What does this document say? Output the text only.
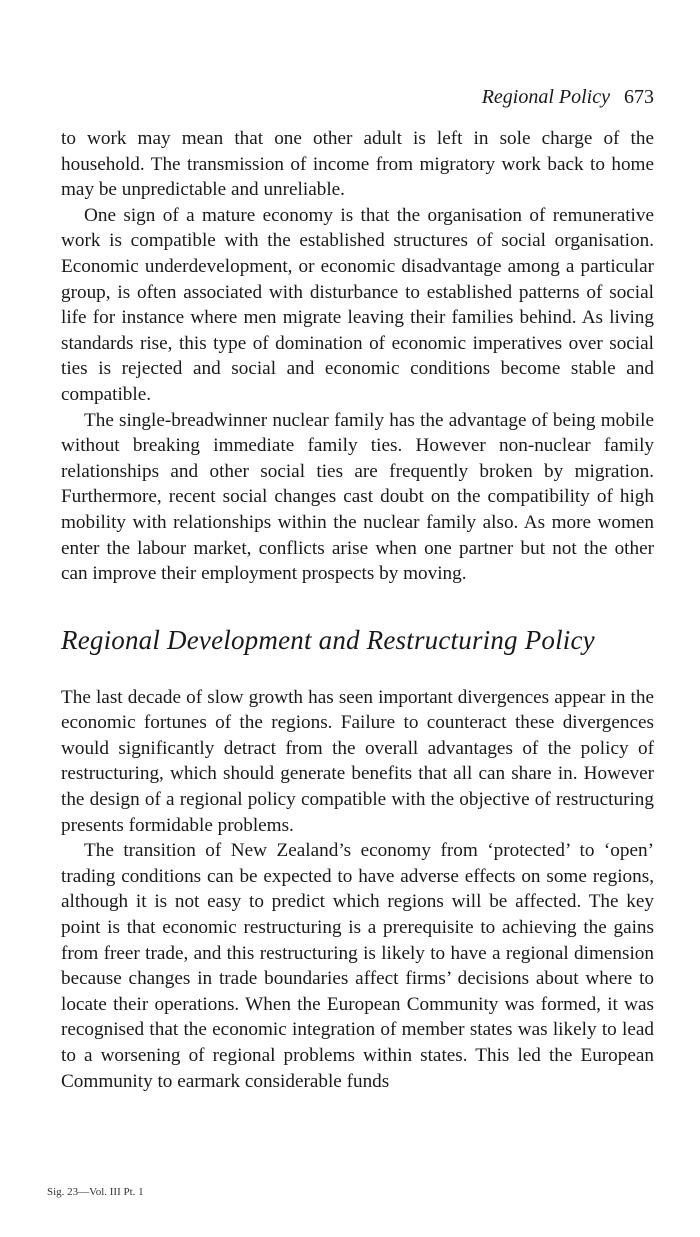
Regional Policy 673

to work may mean that one other adult is left in sole charge of the household. The transmission of income from migratory work back to home may be unpredictable and unreliable.

One sign of a mature economy is that the organisation of remunerative work is compatible with the established structures of social organisation. Economic underdevelopment, or economic disadvantage among a particular group, is often associated with disturbance to established patterns of social life for instance where men migrate leaving their families behind. As living standards rise, this type of domination of economic imperatives over social ties is rejected and social and economic conditions become stable and compatible.

The single-breadwinner nuclear family has the advantage of being mobile without breaking immediate family ties. However non-nuclear family relationships and other social ties are frequently broken by migration. Furthermore, recent social changes cast doubt on the compatibility of high mobility with relationships within the nuclear family also. As more women enter the labour market, conflicts arise when one partner but not the other can improve their employment prospects by moving.

Regional Development and Restructuring Policy

The last decade of slow growth has seen important divergences appear in the economic fortunes of the regions. Failure to counteract these divergences would significantly detract from the overall advantages of the policy of restructuring, which should generate benefits that all can share in. However the design of a regional policy compatible with the objective of restructuring presents formidable problems.

The transition of New Zealand’s economy from ‘protected’ to ‘open’ trading conditions can be expected to have adverse effects on some regions, although it is not easy to predict which regions will be affected. The key point is that economic restructuring is a prerequisite to achieving the gains from freer trade, and this restructuring is likely to have a regional dimension because changes in trade boundaries affect firms’ decisions about where to locate their operations. When the European Community was formed, it was recognised that the economic integration of member states was likely to lead to a worsening of regional problems within states. This led the European Community to earmark considerable funds

Sig. 23—Vol. III Pt. 1
